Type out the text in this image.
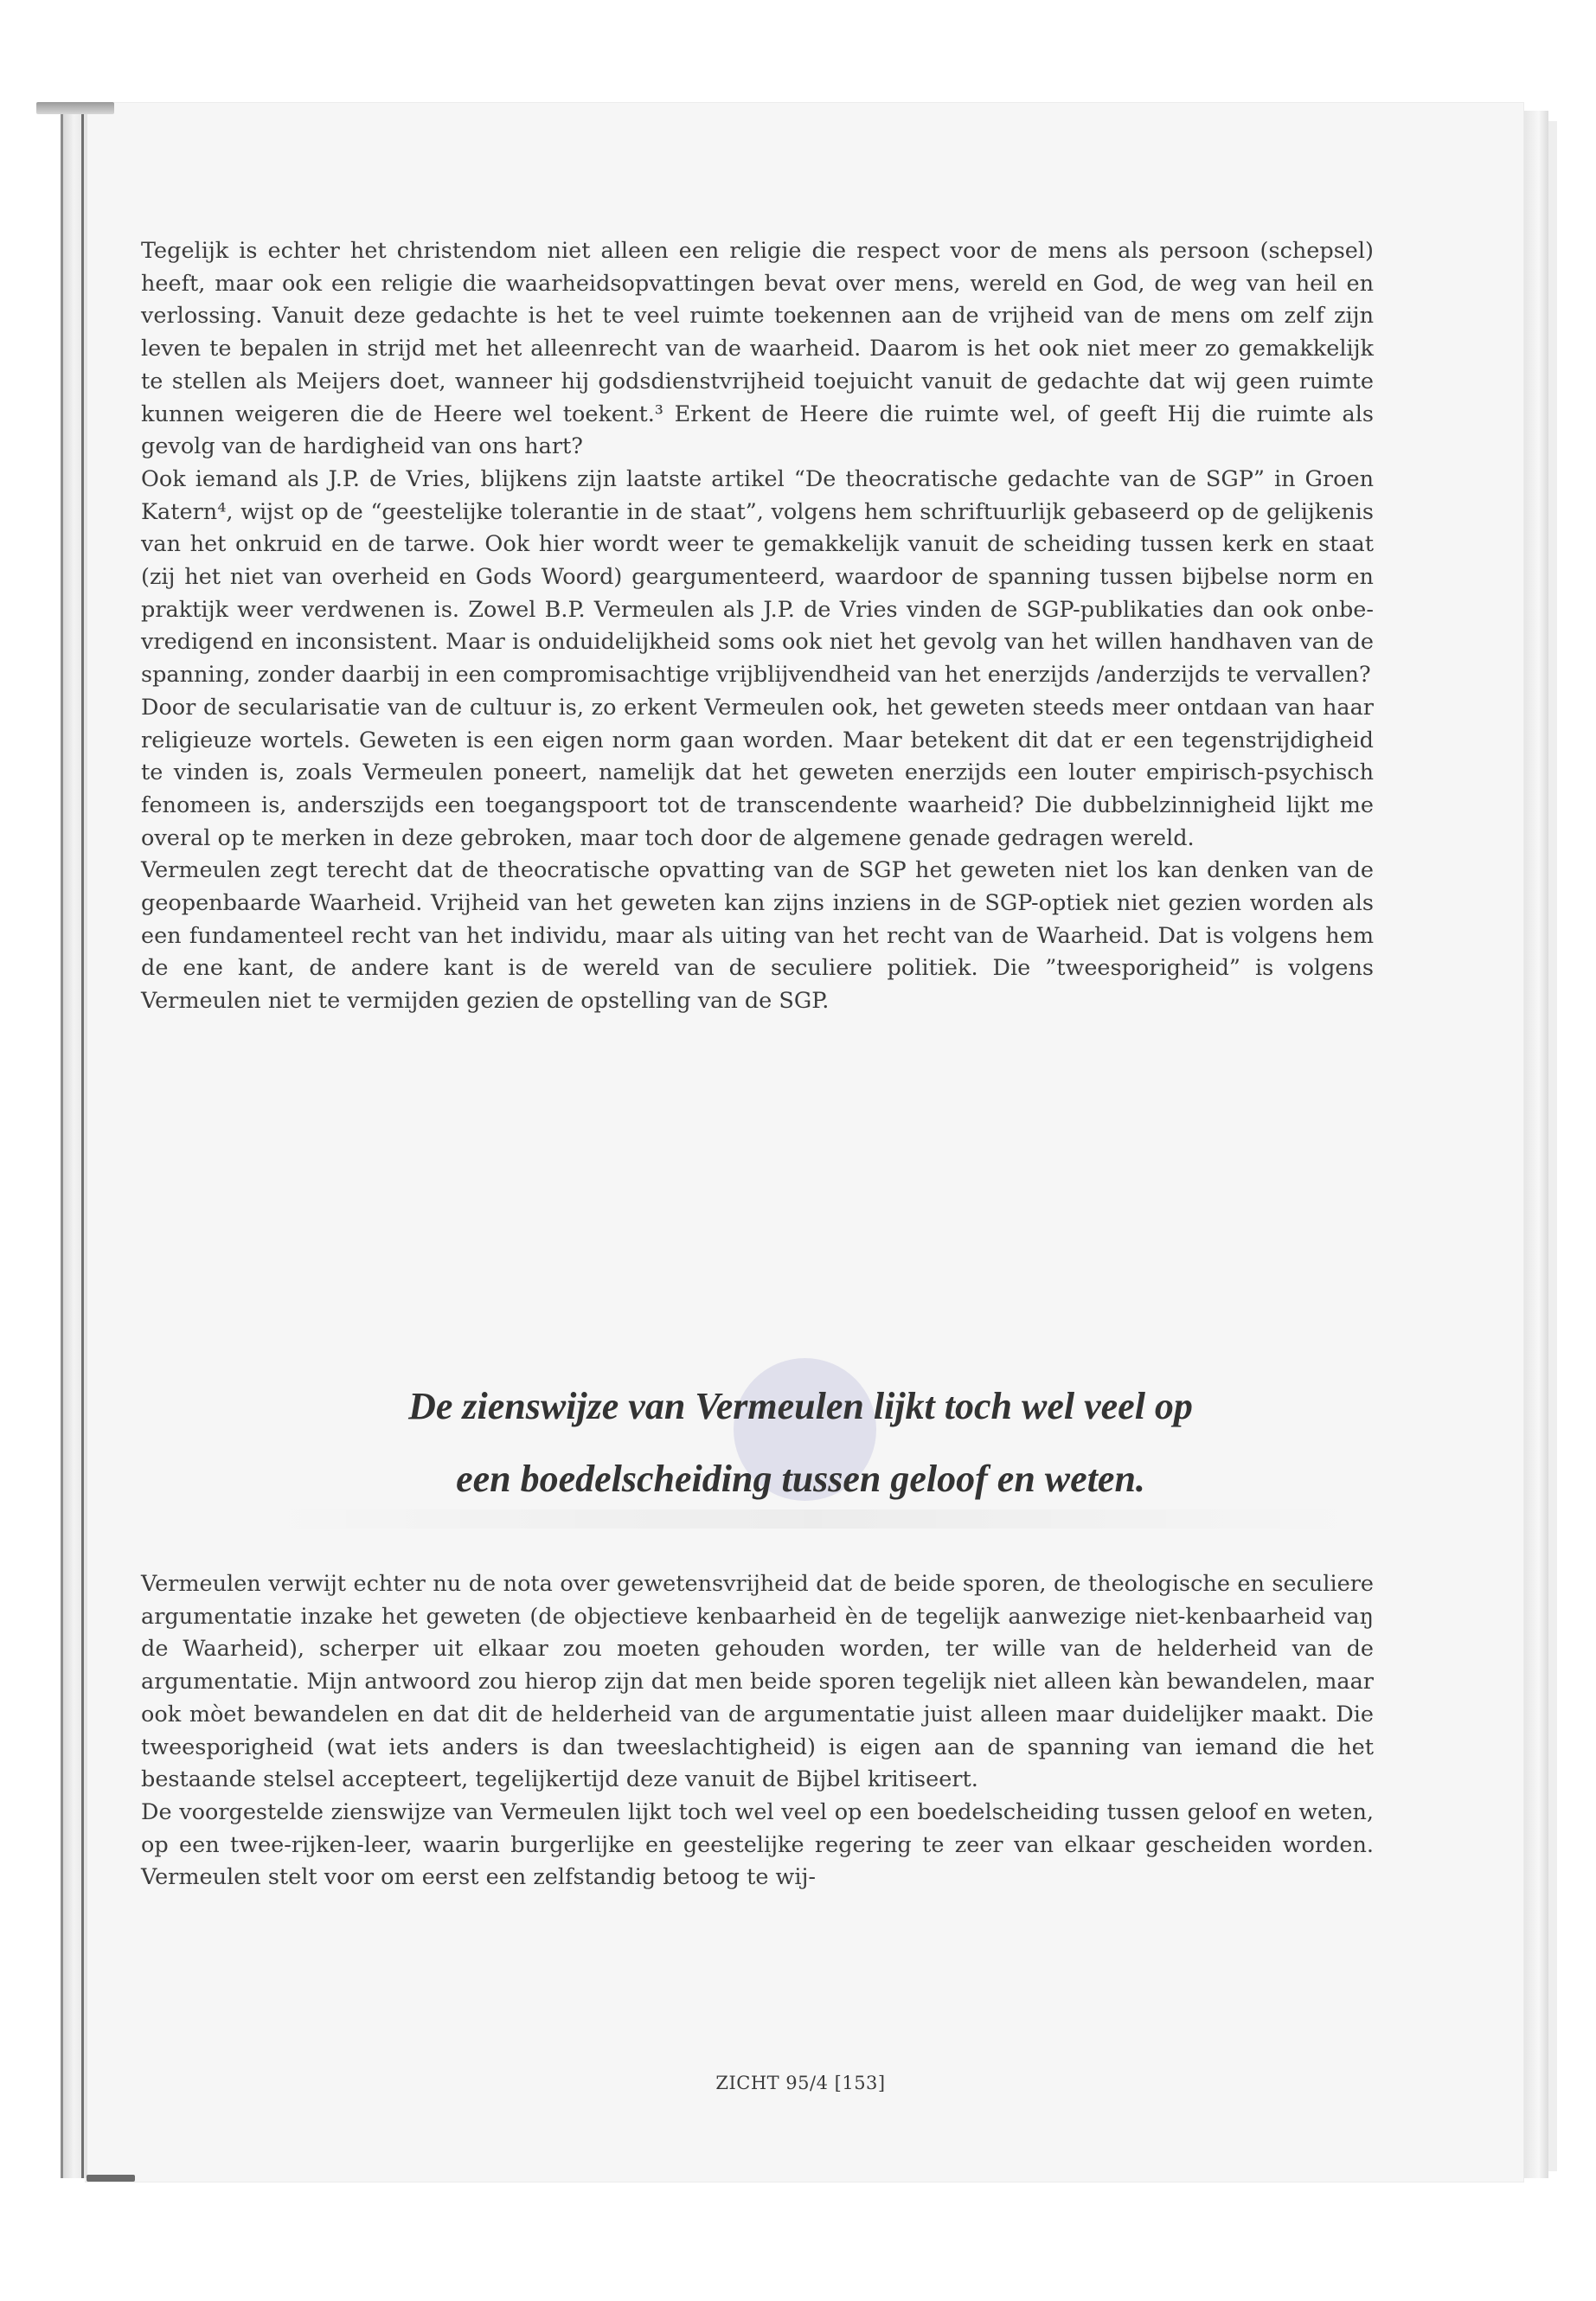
Tegelijk is echter het christendom niet alleen een religie die respect voor de mens als persoon (schepsel) heeft, maar ook een religie die waarheidsopvattingen bevat over mens, wereld en God, de weg van heil en verlossing. Vanuit deze gedachte is het te veel ruimte toekennen aan de vrijheid van de mens om zelf zijn leven te bepalen in strijd met het alleenrecht van de waarheid. Daarom is het ook niet meer zo gemakkelijk te stellen als Meijers doet, wanneer hij godsdienstvrijheid toejuicht vanuit de gedachte dat wij geen ruimte kunnen weigeren die de Heere wel toekent.³ Erkent de Heere die ruimte wel, of geeft Hij die ruimte als gevolg van de hardigheid van ons hart?

Ook iemand als J.P. de Vries, blijkens zijn laatste artikel “De theocratische gedachte van de SGP” in Groen Katern⁴, wijst op de “geestelijke tolerantie in de staat”, volgens hem schriftuurlijk gebaseerd op de gelijkenis van het onkruid en de tarwe. Ook hier wordt weer te gemakkelijk vanuit de scheiding tussen kerk en staat (zij het niet van overheid en Gods Woord) geargumenteerd, waardoor de spanning tussen bijbelse norm en praktijk weer verdwenen is. Zowel B.P. Vermeulen als J.P. de Vries vinden de SGP-publikaties dan ook onbevredigend en inconsistent. Maar is onduidelijkheid soms ook niet het gevolg van het willen handhaven van de spanning, zonder daarbij in een compromisachtige vrijblijvendheid van het enerzijds /anderzijds te vervallen?

Door de secularisatie van de cultuur is, zo erkent Vermeulen ook, het geweten steeds meer ontdaan van haar religieuze wortels. Geweten is een eigen norm gaan worden. Maar betekent dit dat er een tegenstrijdigheid te vinden is, zoals Vermeulen poneert, namelijk dat het geweten enerzijds een louter empirisch-psychisch fenomeen is, anderszijds een toegangspoort tot de transcendente waarheid? Die dubbelzinnigheid lijkt me overal op te merken in deze gebroken, maar toch door de algemene genade gedragen wereld.

Vermeulen zegt terecht dat de theocratische opvatting van de SGP het geweten niet los kan denken van de geopenbaarde Waarheid. Vrijheid van het geweten kan zijns inziens in de SGP-optiek niet gezien worden als een fundamenteel recht van het individu, maar als uiting van het recht van de Waarheid. Dat is volgens hem de ene kant, de andere kant is de wereld van de seculiere politiek. Die ”tweesporigheid” is volgens Vermeulen niet te vermijden gezien de opstelling van de SGP.

De zienswijze van Vermeulen lijkt toch wel veel op
een boedelscheiding tussen geloof en weten.

Vermeulen verwijt echter nu de nota over gewetensvrijheid dat de beide sporen, de theologische en seculiere argumentatie inzake het geweten (de objectieve kenbaarheid èn de tegelijk aanwezige niet-kenbaarheid vaŋ de Waarheid), scherper uit elkaar zou moeten gehouden worden, ter wille van de helderheid van de argumentatie. Mijn antwoord zou hierop zijn dat men beide sporen tegelijk niet alleen kàn bewandelen, maar ook mòet bewandelen en dat dit de helderheid van de argumentatie juist alleen maar duidelijker maakt. Die tweesporigheid (wat iets anders is dan tweeslachtigheid) is eigen aan de spanning van iemand die het bestaande stelsel accepteert, tegelijkertijd deze vanuit de Bijbel kritiseert.

De voorgestelde zienswijze van Vermeulen lijkt toch wel veel op een boedelscheiding tussen geloof en weten, op een twee-rijken-leer, waarin burgerlijke en geestelijke regering te zeer van elkaar gescheiden worden. Vermeulen stelt voor om eerst een zelfstandig betoog te wij-

ZICHT 95/4 [153]
